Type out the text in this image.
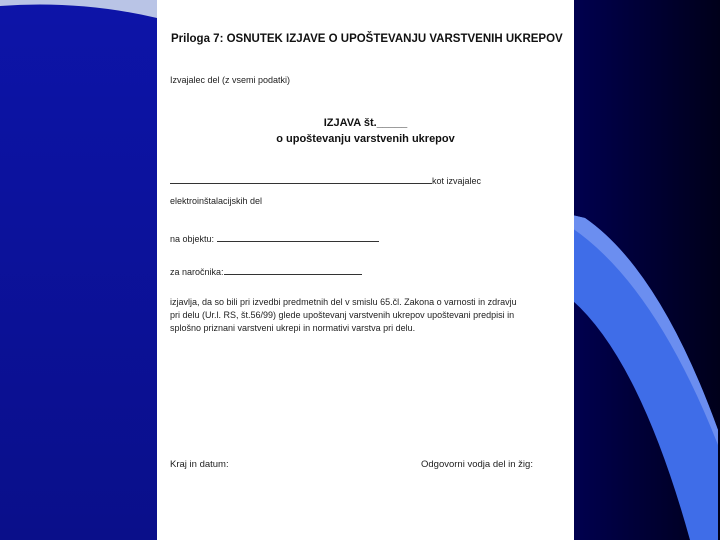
Priloga 7: OSNUTEK IZJAVE O UPOŠTEVANJU VARSTVENIH UKREPOV
Izvajalec del (z vsemi podatki)
IZJAVA št._____
o upoštevanju varstvenih ukrepov
kot izvajalec
elektroinštalacijskih del
na objektu:
za naročnika:
izjavlja, da so bili pri izvedbi predmetnih del v smislu 65.čl. Zakona o varnosti in zdravju
pri delu (Ur.l. RS, št.56/99) glede upoštevanj varstvenih ukrepov upoštevani predpisi in
splošno priznani varstveni ukrepi in normativi varstva pri delu.
Kraj in datum:	Odgovorni vodja del in žig:
